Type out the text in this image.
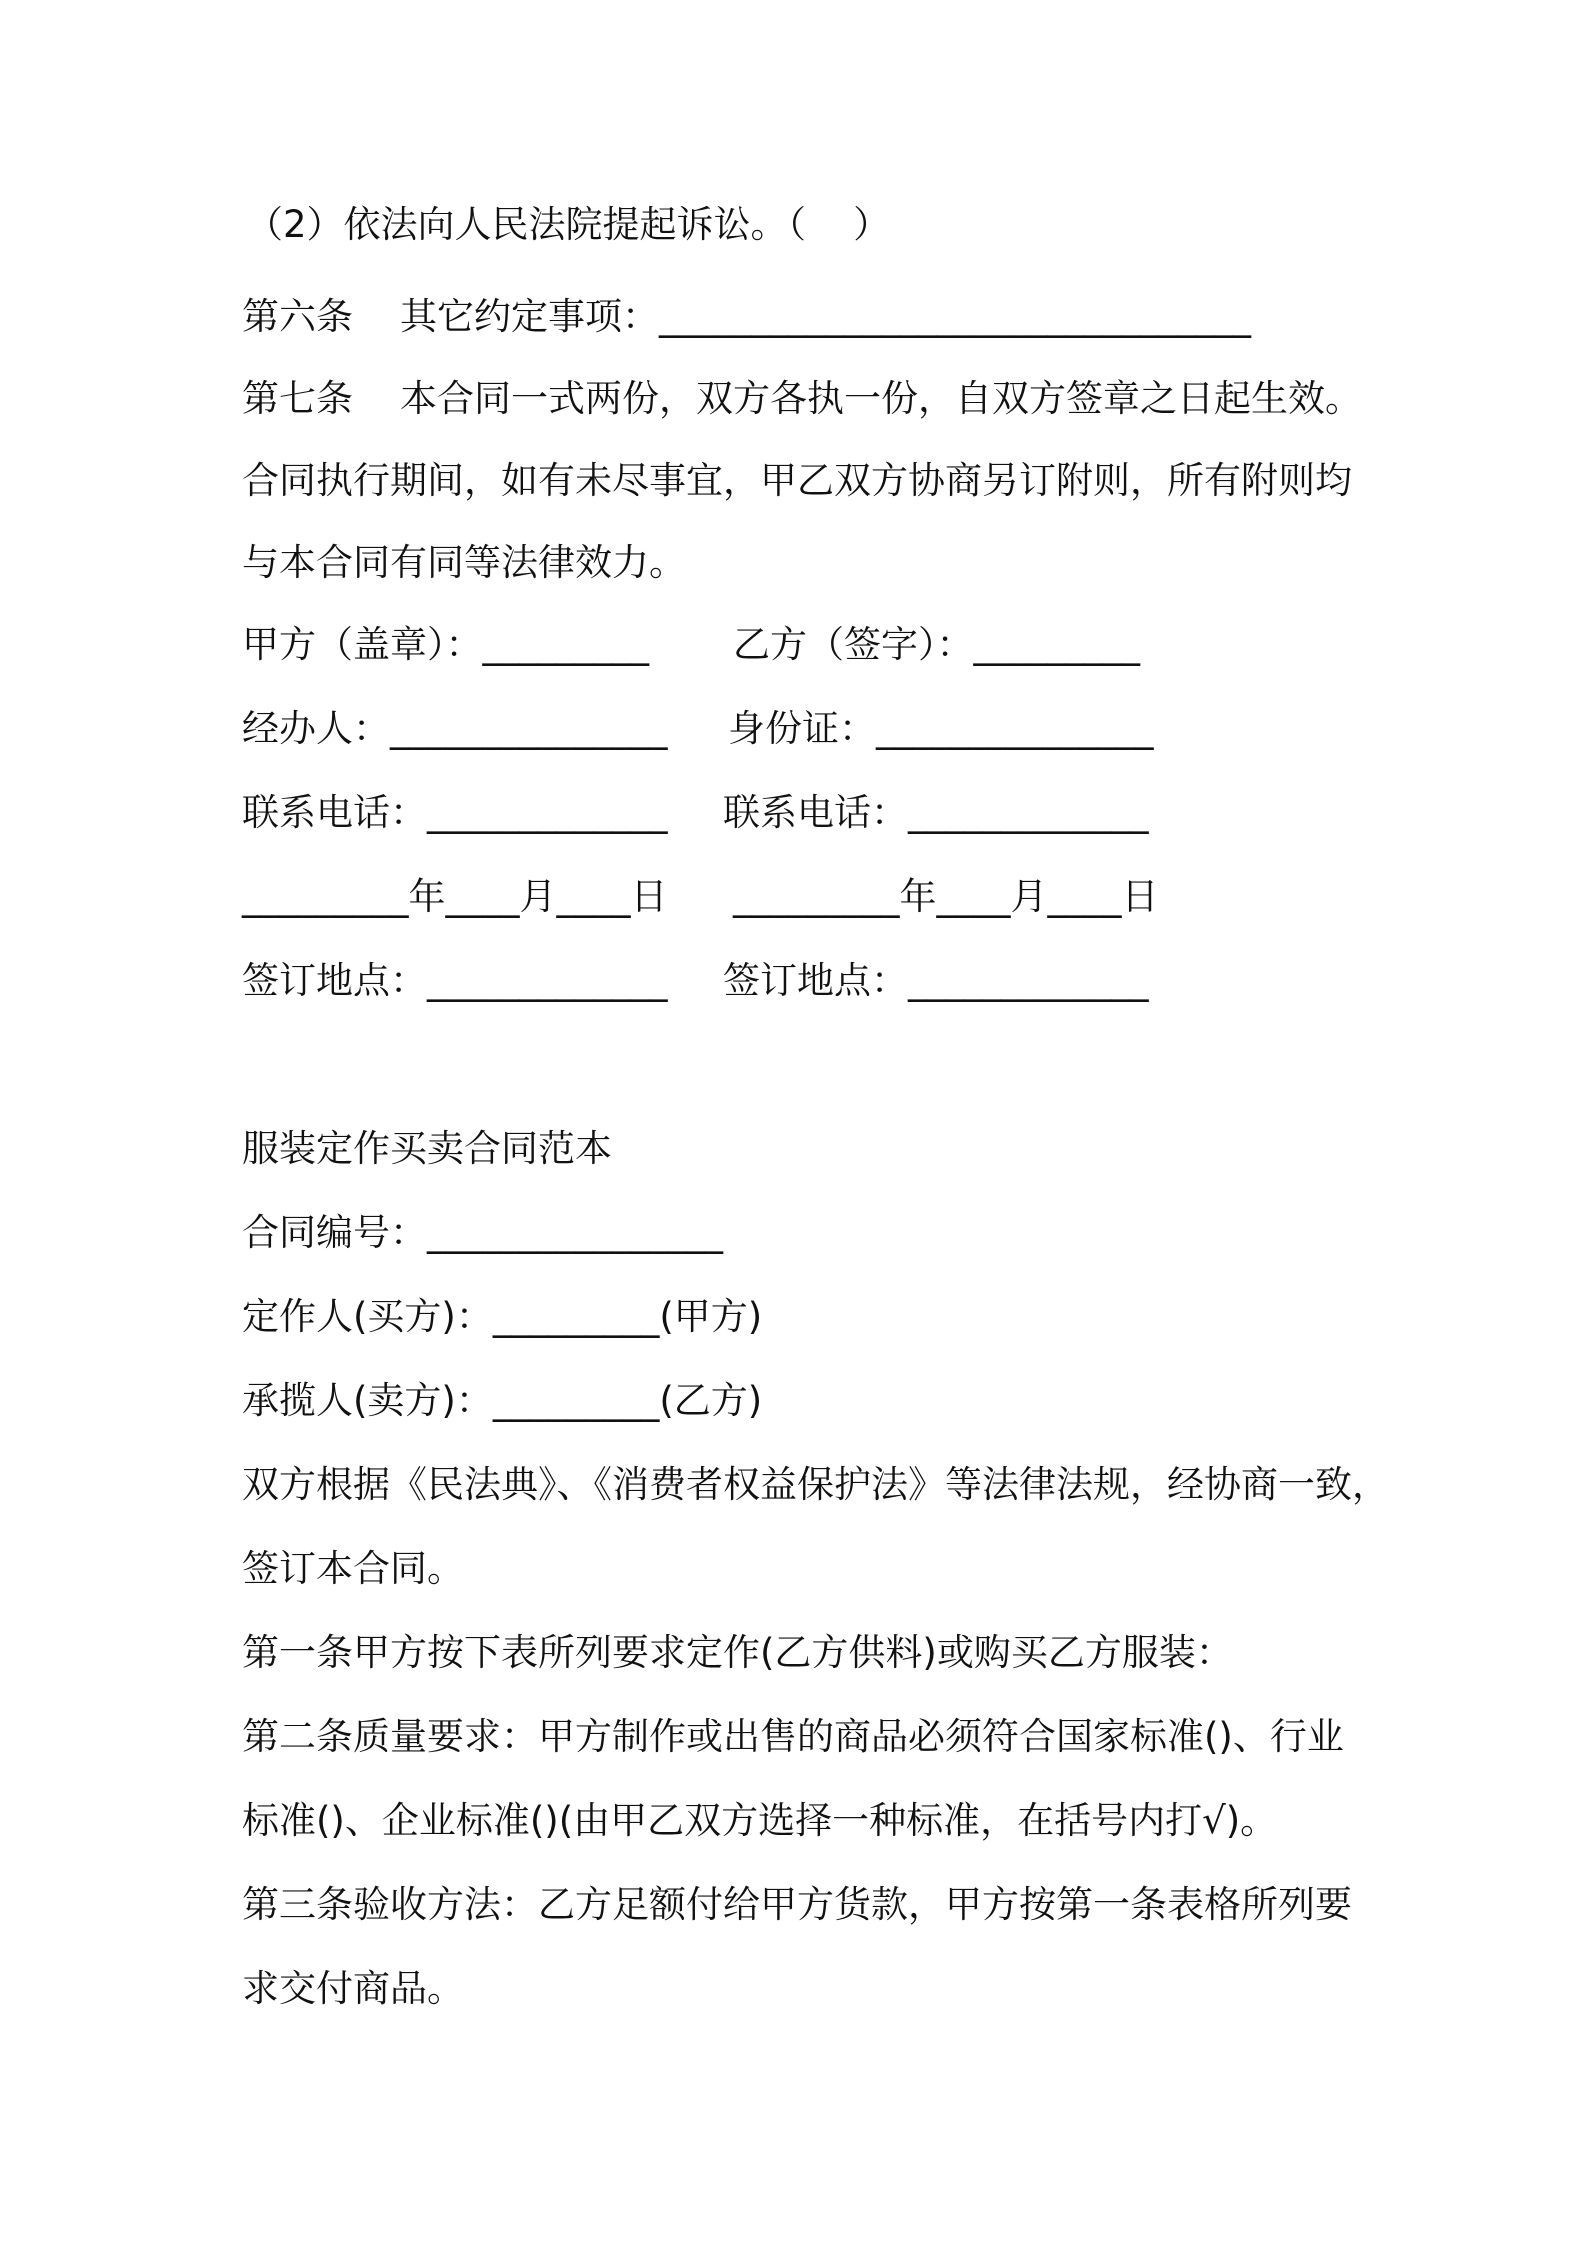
（2）依法向人民法院提起诉讼。（    ）
第六条    其它约定事项：________________________________
第七条    本合同一式两份，双方各执一份，自双方签章之日起生效。
合同执行期间，如有未尽事宜，甲乙双方协商另订附则，所有附则均
与本合同有同等法律效力。
甲方（盖章）：_________ 乙方（签字）：_________
经办人：_______________ 身份证：_______________
联系电话：_____________ 联系电话：_____________
_________年____月____日 _________年____月____日
签订地点：_____________ 签订地点：_____________
服装定作买卖合同范本
合同编号：________________
定作人(买方)：_________(甲方)
承揽人(卖方)：_________(乙方)
双方根据《民法典》、《消费者权益保护法》等法律法规，经协商一致，
签订本合同。
第一条甲方按下表所列要求定作(乙方供料)或购买乙方服装：
第二条质量要求：甲方制作或出售的商品必须符合国家标准()、行业
标准()、企业标准()(由甲乙双方选择一种标准，在括号内打√)。
第三条验收方法：乙方足额付给甲方货款，甲方按第一条表格所列要
求交付商品。
